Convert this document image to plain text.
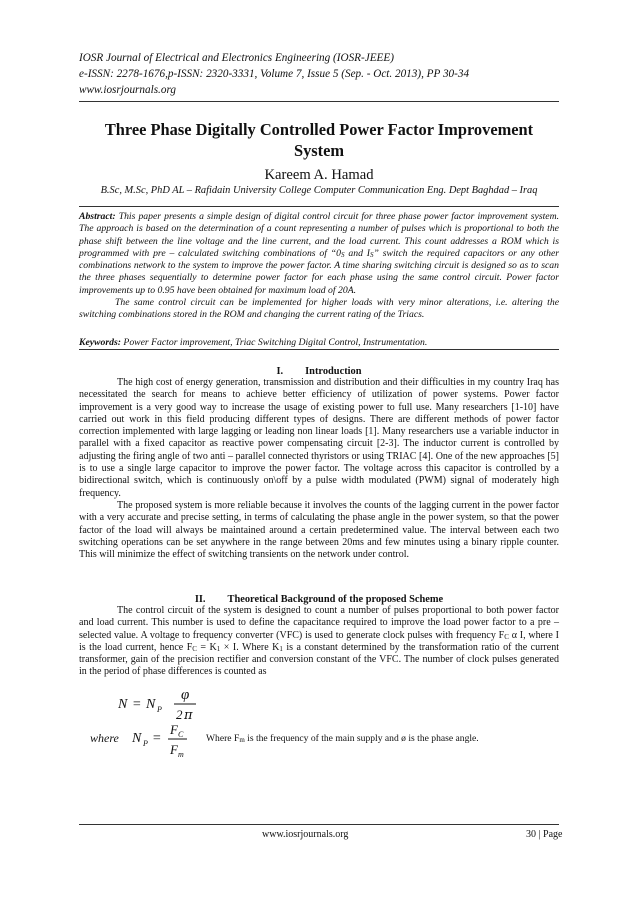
IOSR Journal of Electrical and Electronics Engineering (IOSR-JEEE)
e-ISSN: 2278-1676,p-ISSN: 2320-3331, Volume 7, Issue 5 (Sep. - Oct. 2013), PP 30-34
www.iosrjournals.org
Three Phase Digitally Controlled Power Factor Improvement
System
Kareem A. Hamad
B.Sc, M.Sc, PhD AL – Rafidain University College Computer Communication Eng. Dept Baghdad – Iraq

Abstract: This paper presents a simple design of digital control circuit for three phase power factor improvement system. The approach is based on the determination of a count representing a number of pulses which is proportional to both the phase shift between the line voltage and the line current, and the load current. This count addresses a ROM which is programmed with pre – calculated switching combinations of “$0_S$ and $I_S$” switch the required capacitors or any other combinations network to the system to improve the power factor. A time sharing switching circuit is designed so as to scan the three phases sequentially to determine power factor for each phase using the same control circuit. Power factor improvements up to 0.95 have been obtained for maximum load of 20A.

The same control circuit can be implemented for higher loads with very minor alterations, i.e. altering the switching combinations stored in the ROM and changing the current rating of the Triacs.

Keywords: Power Factor improvement, Triac Switching Digital Control, Instrumentation.
I. Introduction

The high cost of energy generation, transmission and distribution and their difficulties in my country Iraq has necessitated the search for means to achieve better efficiency of utilization of power systems. Power factor improvement is a very good way to increase the usage of existing power to full use. Many researchers [1-10] have carried out work in this field producing different types of designs. There are different methods of power factor correction implemented with large lagging or leading non linear loads [1]. Many researchers use a variable inductor in parallel with a fixed capacitor as reactive power compensating circuit [2-3]. The inductor current is controlled by adjusting the firing angle of two anti – parallel connected thyristors or using TRIAC [4]. One of the new approaches [5] is to use a single large capacitor to improve the power factor. The voltage across this capacitor is controlled by a bidirectional switch, which is continuously on\off by a pulse width modulated (PWM) signal of moderately high frequency.

The proposed system is more reliable because it involves the counts of the lagging current in the power factor with a very accurate and precise setting, in terms of calculating the phase angle in the power system, so that the power factor of the load will always be maintained around a certain predetermined value. The interval between each two switching operations can be set anywhere in the range between 20ms and few minutes using a binary ripple counter. This will minimize the effect of switching transients on the network under control.

II. Theoretical Background of the proposed Scheme

The control circuit of the system is designed to count a number of pulses proportional to both power factor and load current. This number is used to define the capacitance required to improve the load power factor to a pre – selected value. A voltage to frequency converter (VFC) is used to generate clock pulses with frequency $F_C$ α I, where I is the load current, hence $F_C = K_1 \times I$. Where $K_1$ is a constant determined by the transformation ratio of the current transformer, gain of the precision rectifier and conversion constant of the VFC. The number of clock pulses generated in the period of phase differences is counted as

N = N P
φ
2 π
where N P =
F C
F m
Where $F_m$ is the frequency of the main supply and ø is the phase angle.
www.iosrjournals.org	30 | Page
